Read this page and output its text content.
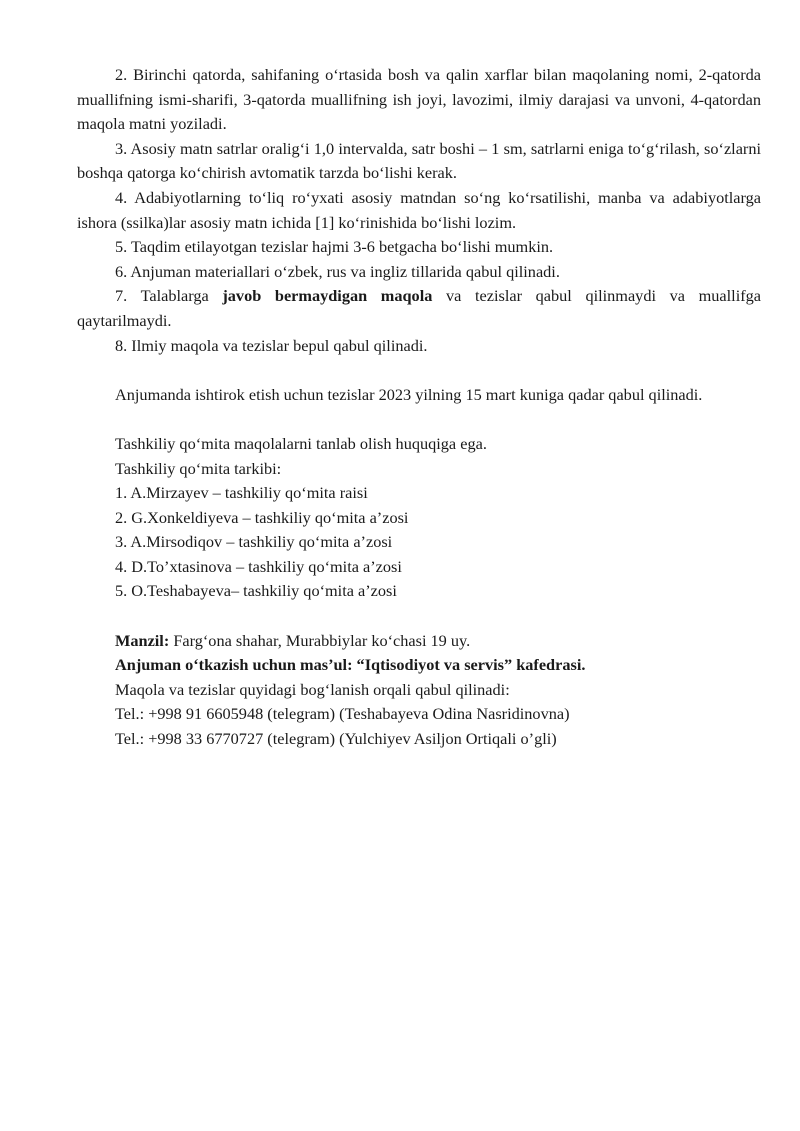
2. Birinchi qatorda, sahifaning o‘rtasida bosh va qalin xarflar bilan maqolaning nomi, 2-qatorda muallifning ismi-sharifi, 3-qatorda muallifning ish joyi, lavozimi, ilmiy darajasi va unvoni, 4-qatordan maqola matni yoziladi.

3. Asosiy matn satrlar oralig‘i 1,0 intervalda, satr boshi – 1 sm, satrlarni eniga to‘g‘rilash, so‘zlarni boshqa qatorga ko‘chirish avtomatik tarzda bo‘lishi kerak.

4. Adabiyotlarning to‘liq ro‘yxati asosiy matndan so‘ng ko‘rsatilishi, manba va adabiyotlarga ishora (ssilka)lar asosiy matn ichida [1] ko‘rinishida bo‘lishi lozim.

5. Taqdim etilayotgan tezislar hajmi 3-6 betgacha bo‘lishi mumkin.

6. Anjuman materiallari o‘zbek, rus va ingliz tillarida qabul qilinadi.

7. Talablarga javob bermaydigan maqola va tezislar qabul qilinmaydi va muallifga qaytarilmaydi.

8. Ilmiy maqola va tezislar bepul qabul qilinadi.

Anjumanda ishtirok etish uchun tezislar 2023 yilning 15 mart kuniga qadar qabul qilinadi.

Tashkiliy qo‘mita maqolalarni tanlab olish huquqiga ega.

Tashkiliy qo‘mita tarkibi:

1. A.Mirzayev – tashkiliy qo‘mita raisi

2. G.Xonkeldiyeva – tashkiliy qo‘mita a’zosi

3. A.Mirsodiqov – tashkiliy qo‘mita a’zosi

4. D.To’xtasinova – tashkiliy qo‘mita a’zosi

5. O.Teshabayeva– tashkiliy qo‘mita a’zosi

Manzil: Farg‘ona shahar, Murabbiylar ko‘chasi 19 uy.

Anjuman o‘tkazish uchun mas’ul: “Iqtisodiyot va servis” kafedrasi.

Maqola va tezislar quyidagi bog‘lanish orqali qabul qilinadi:

Tel.: +998 91 6605948 (telegram) (Teshabayeva Odina Nasridinovna)

Tel.: +998 33 6770727 (telegram) (Yulchiyev Asiljon Ortiqali o’gli)
